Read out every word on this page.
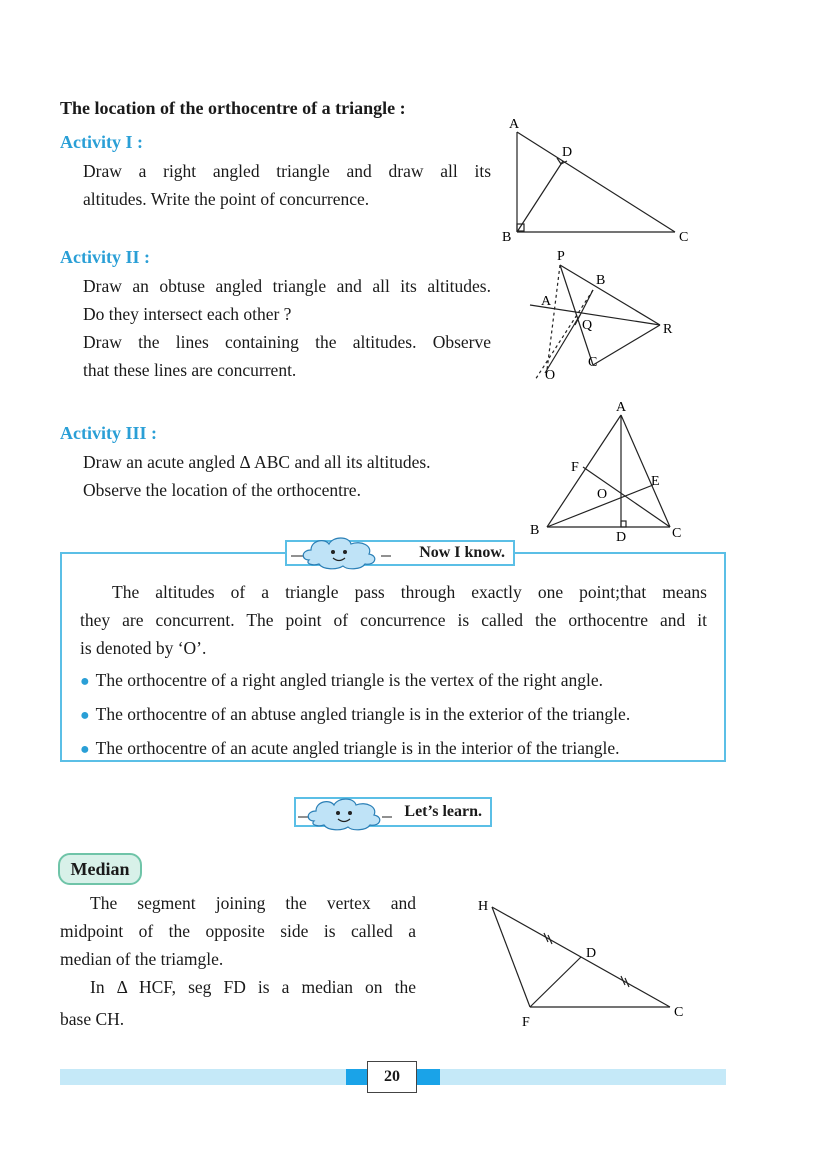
The location of the orthocentre of a triangle :
Activity I :
Draw a right angled triangle and draw all its
altitudes. Write the point of concurrence.
Activity II :
Draw an obtuse angled triangle and all its altitudes.
Do they intersect each other ?
Draw the lines containing the altitudes. Observe
that these lines are concurrent.
Activity III :
Draw an acute angled Δ ABC and all its altitudes.
Observe the location of the orthocentre.
A
D
B	C
P
B
A
Q	R
C
O
A
F
E
O
B	D	C
The altitudes of a triangle pass through exactly one point;that means
they are concurrent. The point of concurrence is called the orthocentre and it
is denoted by ‘O’.
● The orthocentre of a right angled triangle is the vertex of the right angle.
● The orthocentre of an abtuse angled triangle is in the exterior of the triangle.
● The orthocentre of an acute angled triangle is in the interior of the triangle.
Now I know.
Let’s learn.
Median
The segment joining the vertex and
midpoint of the opposite side is called a
median of the triamgle.
In Δ HCF, seg FD is a median on the
base CH.
H
D
F
C
20
